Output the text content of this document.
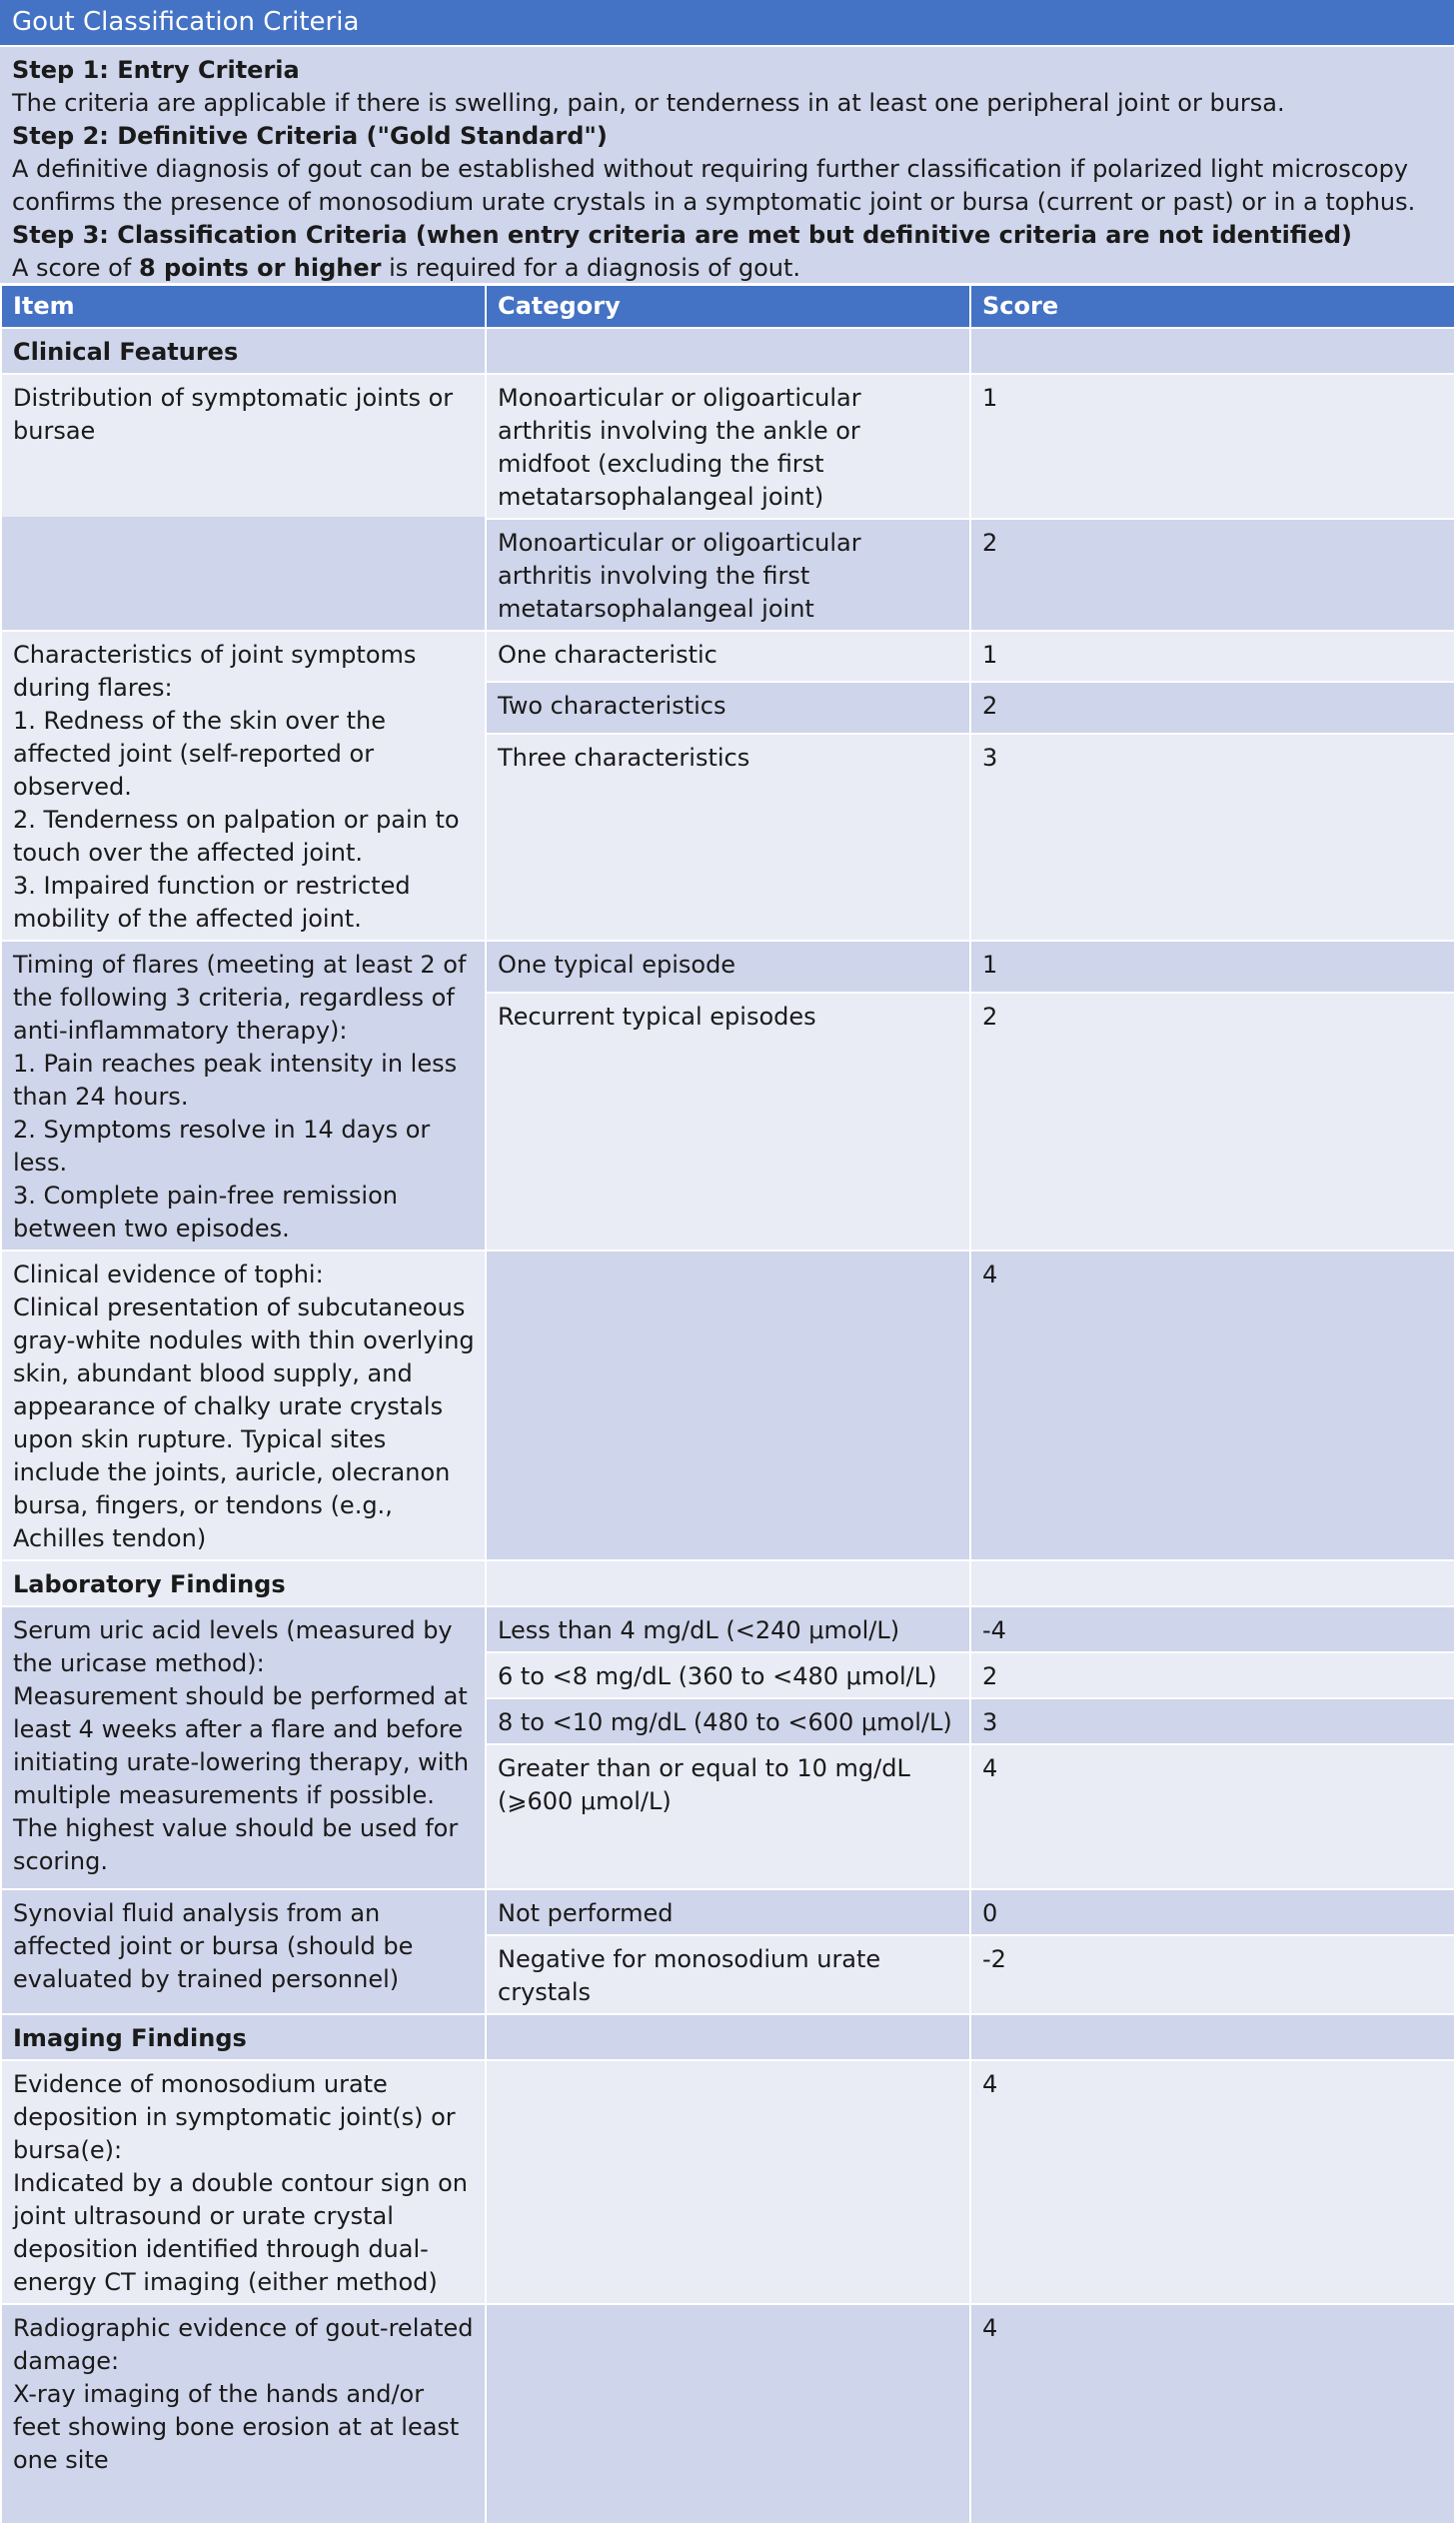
Gout Classification Criteria
Step 1: Entry Criteria
The criteria are applicable if there is swelling, pain, or tenderness in at least one peripheral joint or bursa.
Step 2: Definitive Criteria ("Gold Standard")
A definitive diagnosis of gout can be established without requiring further classification if polarized light microscopy
confirms the presence of monosodium urate crystals in a symptomatic joint or bursa (current or past) or in a tophus.
Step 3: Classification Criteria (when entry criteria are met but definitive criteria are not identified)
A score of 8 points or higher is required for a diagnosis of gout.
Item	Category	Score
Clinical Features		
Distribution of symptomatic joints or bursae	Monoarticular or oligoarticular arthritis involving the ankle or midfoot (excluding the first metatarsophalangeal joint)	1
	Monoarticular or oligoarticular arthritis involving the first metatarsophalangeal joint	2
Characteristics of joint symptoms during flares:
1. Redness of the skin over the affected joint (self-reported or observed.
2. Tenderness on palpation or pain to touch over the affected joint.
3. Impaired function or restricted mobility of the affected joint.	One characteristic	1
	Two characteristics	2
	Three characteristics	3
Timing of flares (meeting at least 2 of the following 3 criteria, regardless of anti-inflammatory therapy):
1. Pain reaches peak intensity in less than 24 hours.
2. Symptoms resolve in 14 days or less.
3. Complete pain-free remission between two episodes.	One typical episode	1
	Recurrent typical episodes	2
Clinical evidence of tophi:
Clinical presentation of subcutaneous gray-white nodules with thin overlying skin, abundant blood supply, and appearance of chalky urate crystals upon skin rupture. Typical sites include the joints, auricle, olecranon bursa, fingers, or tendons (e.g., Achilles tendon)		4
Laboratory Findings		
Serum uric acid levels (measured by the uricase method):
Measurement should be performed at least 4 weeks after a flare and before initiating urate-lowering therapy, with multiple measurements if possible. The highest value should be used for scoring.	Less than 4 mg/dL (<240 μmol/L)	-4
	6 to <8 mg/dL (360 to <480 μmol/L)	2
	8 to <10 mg/dL (480 to <600 μmol/L)	3
	Greater than or equal to 10 mg/dL (⩾600 μmol/L)	4
Synovial fluid analysis from an affected joint or bursa (should be evaluated by trained personnel)	Not performed	0
	Negative for monosodium urate crystals	-2
Imaging Findings		
Evidence of monosodium urate deposition in symptomatic joint(s) or bursa(e):
Indicated by a double contour sign on joint ultrasound or urate crystal deposition identified through dual-energy CT imaging (either method)		4
Radiographic evidence of gout-related damage:
X-ray imaging of the hands and/or feet showing bone erosion at at least one site		4
